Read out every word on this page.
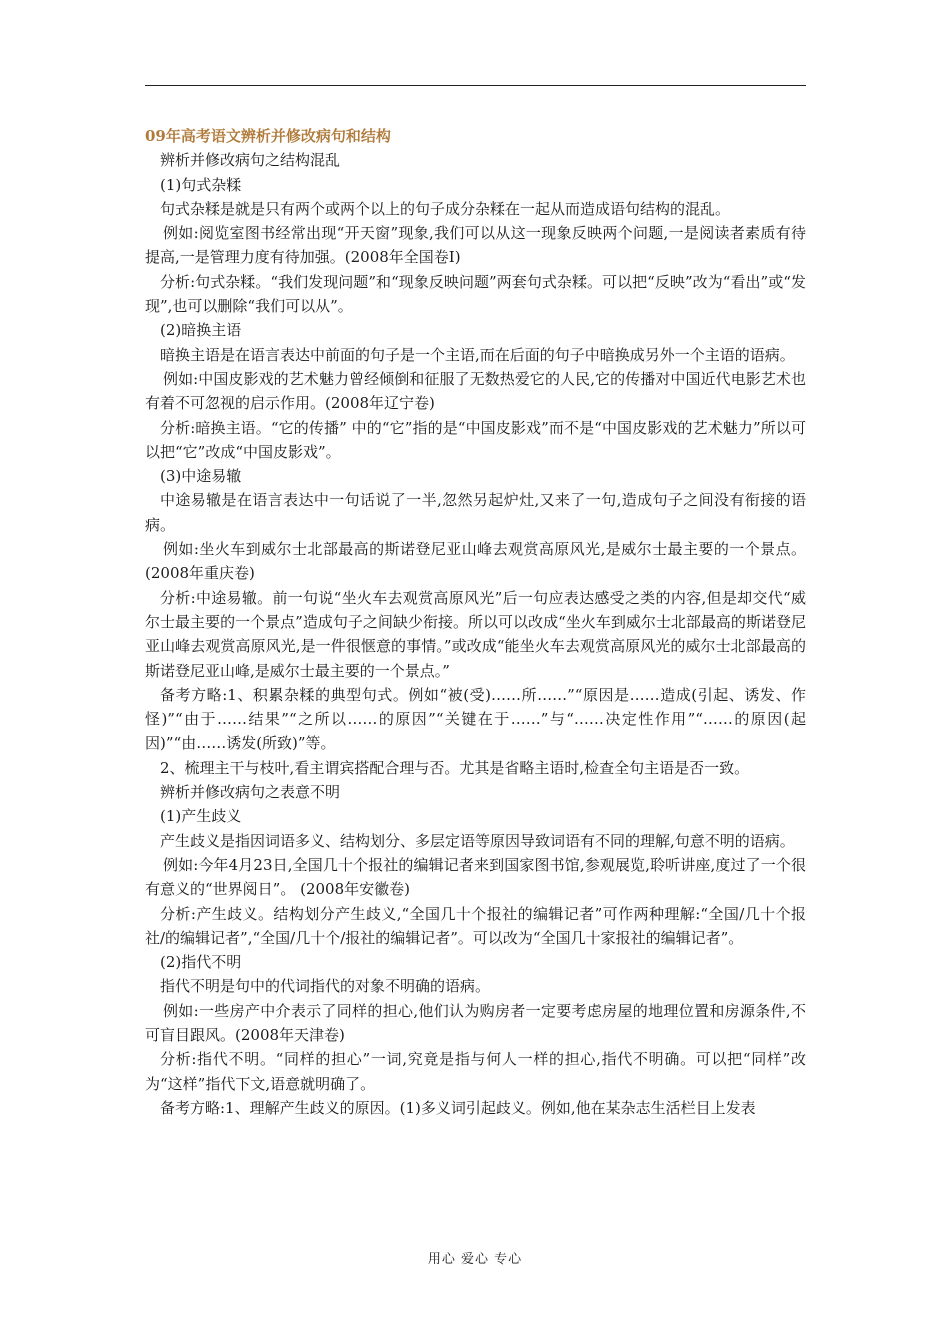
09年高考语文辨析并修改病句和结构

辨析并修改病句之结构混乱

(1)句式杂糅

句式杂糅是就是只有两个或两个以上的句子成分杂糅在一起从而造成语句结构的混乱。

例如:阅览室图书经常出现“开天窗”现象,我们可以从这一现象反映两个问题,一是阅读者素质有待提高,一是管理力度有待加强。(2008年全国卷Ⅰ)

分析:句式杂糅。“我们发现问题”和“现象反映问题”两套句式杂糅。可以把“反映”改为“看出”或“发现”,也可以删除“我们可以从”。

(2)暗换主语

暗换主语是在语言表达中前面的句子是一个主语,而在后面的句子中暗换成另外一个主语的语病。

例如:中国皮影戏的艺术魅力曾经倾倒和征服了无数热爱它的人民,它的传播对中国近代电影艺术也有着不可忽视的启示作用。(2008年辽宁卷)

分析:暗换主语。“它的传播” 中的“它”指的是“中国皮影戏”而不是“中国皮影戏的艺术魅力”所以可以把“它”改成“中国皮影戏”。

(3)中途易辙

中途易辙是在语言表达中一句话说了一半,忽然另起炉灶,又来了一句,造成句子之间没有衔接的语病。

例如:坐火车到威尔士北部最高的斯诺登尼亚山峰去观赏高原风光,是威尔士最主要的一个景点。(2008年重庆卷)

分析:中途易辙。前一句说“坐火车去观赏高原风光”后一句应表达感受之类的内容,但是却交代“威尔士最主要的一个景点”造成句子之间缺少衔接。所以可以改成“坐火车到威尔士北部最高的斯诺登尼亚山峰去观赏高原风光,是一件很惬意的事情。”或改成“能坐火车去观赏高原风光的威尔士北部最高的斯诺登尼亚山峰,是威尔士最主要的一个景点。”

备考方略:1、积累杂糅的典型句式。例如“被(受)……所……”“原因是……造成(引起、诱发、作怪)”“由于……结果”“之所以……的原因”“关键在于……”与“……决定性作用”“……的原因(起因)”“由……诱发(所致)”等。

2、梳理主干与枝叶,看主谓宾搭配合理与否。尤其是省略主语时,检查全句主语是否一致。

辨析并修改病句之表意不明

(1)产生歧义

产生歧义是指因词语多义、结构划分、多层定语等原因导致词语有不同的理解,句意不明的语病。

例如:今年4月23日,全国几十个报社的编辑记者来到国家图书馆,参观展览,聆听讲座,度过了一个很有意义的“世界阅日”。 (2008年安徽卷)

分析:产生歧义。结构划分产生歧义,“全国几十个报社的编辑记者”可作两种理解:“全国/几十个报社/的编辑记者”,“全国/几十个/报社的编辑记者”。可以改为“全国几十家报社的编辑记者”。

(2)指代不明

指代不明是句中的代词指代的对象不明确的语病。

例如:一些房产中介表示了同样的担心,他们认为购房者一定要考虑房屋的地理位置和房源条件,不可盲目跟风。(2008年天津卷)

分析:指代不明。“同样的担心”一词,究竟是指与何人一样的担心,指代不明确。可以把“同样”改为“这样”指代下文,语意就明确了。

备考方略:1、理解产生歧义的原因。(1)多义词引起歧义。例如,他在某杂志生活栏目上发表

用心 爱心 专心
